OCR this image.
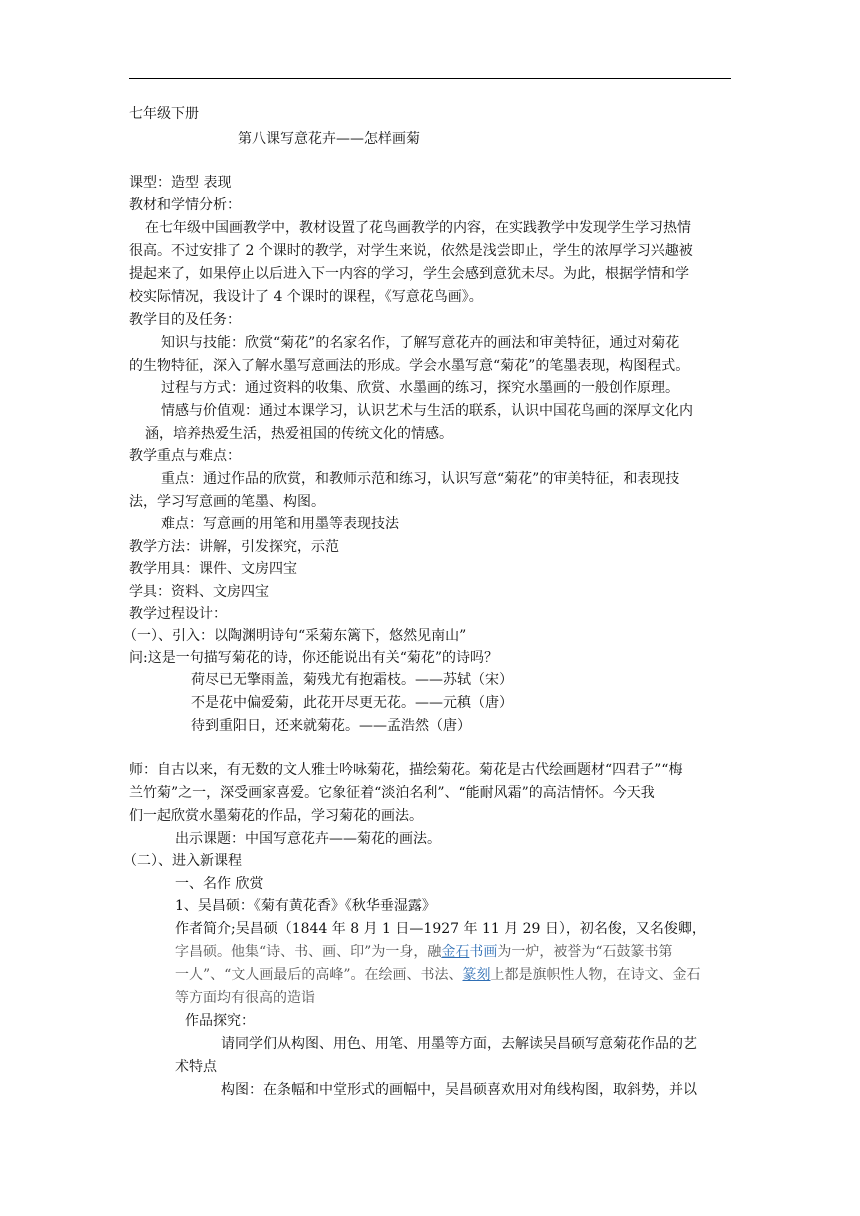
七年级下册
第八课写意花卉——怎样画菊
课型：造型 表现
教材和学情分析：
在七年级中国画教学中，教材设置了花鸟画教学的内容，在实践教学中发现学生学习热情
很高。不过安排了 2 个课时的教学，对学生来说，依然是浅尝即止，学生的浓厚学习兴趣被
提起来了，如果停止以后进入下一内容的学习，学生会感到意犹未尽。为此，根据学情和学
校实际情况，我设计了 4 个课时的课程，《写意花鸟画》。
教学目的及任务：
知识与技能：欣赏“菊花”的名家名作，了解写意花卉的画法和审美特征，通过对菊花
的生物特征，深入了解水墨写意画法的形成。学会水墨写意“菊花”的笔墨表现，构图程式。
过程与方式：通过资料的收集、欣赏、水墨画的练习，探究水墨画的一般创作原理。
情感与价值观：通过本课学习，认识艺术与生活的联系，认识中国花鸟画的深厚文化内
涵，培养热爱生活，热爱祖国的传统文化的情感。
教学重点与难点：
重点：通过作品的欣赏，和教师示范和练习，认识写意“菊花”的审美特征，和表现技
法，学习写意画的笔墨、构图。
难点：写意画的用笔和用墨等表现技法
教学方法：讲解，引发探究，示范
教学用具：课件、文房四宝
学具：资料、文房四宝
教学过程设计：
（一）、引入：以陶渊明诗句“采菊东篱下，悠然见南山”
问:这是一句描写菊花的诗，你还能说出有关“菊花”的诗吗？
荷尽已无擎雨盖，菊残尤有抱霜枝。——苏轼（宋）
不是花中偏爱菊，此花开尽更无花。——元稹（唐）
待到重阳日，还来就菊花。——孟浩然（唐）
师：自古以来，有无数的文人雅士吟咏菊花，描绘菊花。菊花是古代绘画题材“四君子”“梅
兰竹菊”之一，深受画家喜爱。它象征着“淡泊名利”、“能耐风霜”的高洁情怀。今天我
们一起欣赏水墨菊花的作品，学习菊花的画法。
出示课题：中国写意花卉——菊花的画法。
（二）、进入新课程
一、名作 欣赏
1、吴昌硕：《菊有黄花香》《秋华垂湿露》
作者简介;吴昌硕（1844 年 8 月 1 日—1927 年 11 月 29 日），初名俊，又名俊卿，
字昌硕。他集“诗、书、画、印”为一身，融金石书画为一炉，被誉为“石鼓篆书第
一人”、“文人画最后的高峰”。在绘画、书法、篆刻上都是旗帜性人物，在诗文、金石
等方面均有很高的造诣
作品探究：
请同学们从构图、用色、用笔、用墨等方面，去解读吴昌硕写意菊花作品的艺
术特点
构图：在条幅和中堂形式的画幅中，吴昌硕喜欢用对角线构图，取斜势，并以
